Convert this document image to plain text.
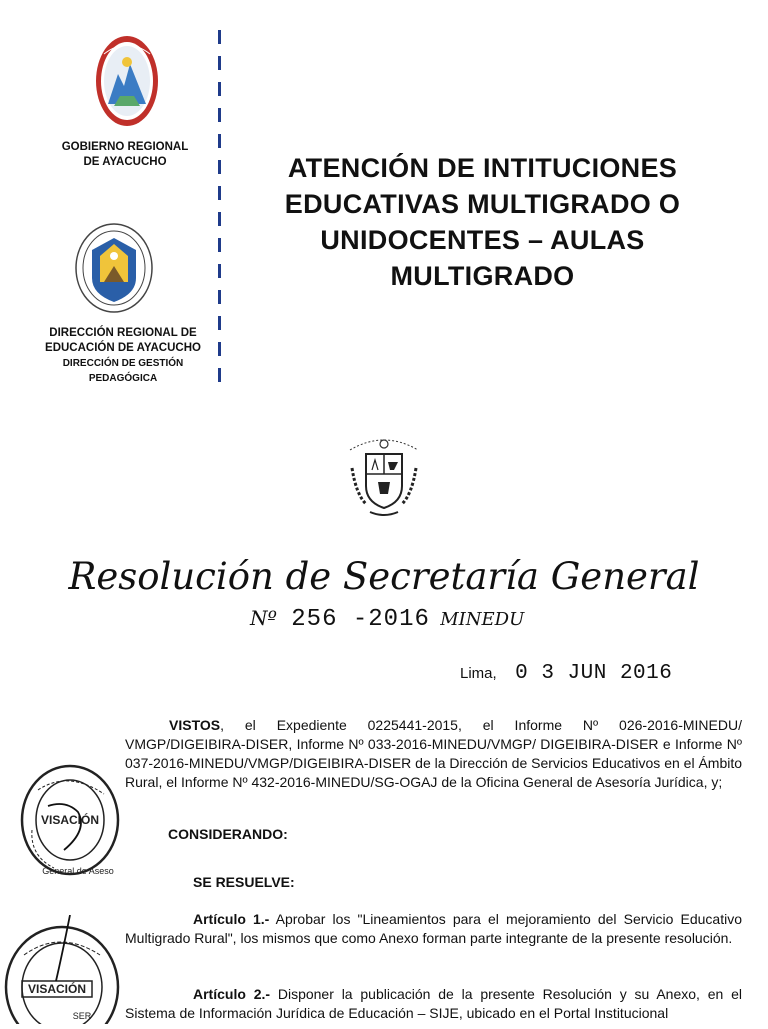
GOBIERNO REGIONAL
DE AYACUCHO
DIRECCIÓN REGIONAL DE
EDUCACIÓN DE AYACUCHO
DIRECCIÓN DE GESTIÓN PEDAGÓGICA
ATENCIÓN DE INTITUCIONES
EDUCATIVAS MULTIGRADO O
UNIDOCENTES – AULAS
MULTIGRADO
Resolución de Secretaría General
Nº 256 -2016 MINEDU
Lima, 0 3 JUN 2016
VISTOS, el Expediente 0225441-2015, el Informe Nº 026-2016-MINEDU/ VMGP/DIGEIBIRA-DISER, Informe Nº 033-2016-MINEDU/VMGP/ DIGEIBIRA-DISER e Informe Nº 037-2016-MINEDU/VMGP/DIGEIBIRA-DISER de la Dirección de Servicios Educativos en el Ámbito Rural, el Informe Nº 432-2016-MINEDU/SG-OGAJ de la Oficina General de Asesoría Jurídica, y;
CONSIDERANDO:
SE RESUELVE:
Artículo 1.- Aprobar los "Lineamientos para el mejoramiento del Servicio Educativo Multigrado Rural", los mismos que como Anexo forman parte integrante de la presente resolución.
Artículo 2.- Disponer la publicación de la presente Resolución y su Anexo, en el Sistema de Información Jurídica de Educación – SIJE, ubicado en el Portal Institucional
VISACIÓN
General de Aseso
VISACIÓN
SER
